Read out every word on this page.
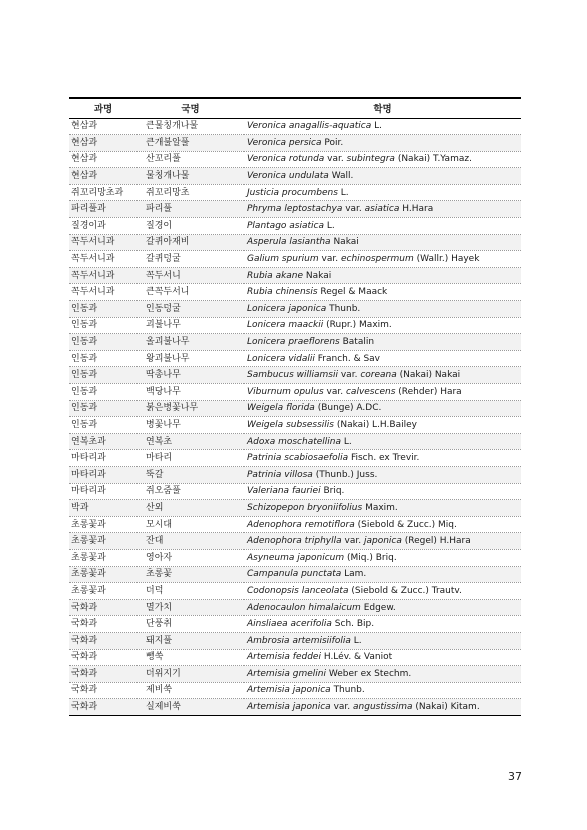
과명	국명	학명
현삼과	큰물칭개나물	Veronica anagallis-aquatica L.
현삼과	큰개불알풀	Veronica persica Poir.
현삼과	산꼬리풀	Veronica rotunda var. subintegra (Nakai) T.Yamaz.
현삼과	물칭개나물	Veronica undulata Wall.
쥐꼬리망초과	쥐꼬리망초	Justicia procumbens L.
파리풀과	파리풀	Phryma leptostachya var. asiatica H.Hara
질경이과	질경이	Plantago asiatica L.
꼭두서니과	갈퀴아재비	Asperula lasiantha Nakai
꼭두서니과	갈퀴덩굴	Galium spurium var. echinospermum (Wallr.) Hayek
꼭두서니과	꼭두서니	Rubia akane Nakai
꼭두서니과	큰꼭두서니	Rubia chinensis Regel & Maack
인동과	인동덩굴	Lonicera japonica Thunb.
인동과	괴불나무	Lonicera maackii (Rupr.) Maxim.
인동과	올괴불나무	Lonicera praeflorens Batalin
인동과	왕괴불나무	Lonicera vidalii Franch. & Sav
인동과	딱총나무	Sambucus williamsii var. coreana (Nakai) Nakai
인동과	백당나무	Viburnum opulus var. calvescens (Rehder) Hara
인동과	붉은병꽃나무	Weigela florida (Bunge) A.DC.
인동과	병꽃나무	Weigela subsessilis (Nakai) L.H.Bailey
연복초과	연복초	Adoxa moschatellina L.
마타리과	마타리	Patrinia scabiosaefolia Fisch. ex Trevir.
마타리과	뚝갈	Patrinia villosa (Thunb.) Juss.
마타리과	쥐오줌풀	Valeriana fauriei Briq.
박과	산외	Schizopepon bryoniifolius Maxim.
초롱꽃과	모시대	Adenophora remotiflora (Siebold & Zucc.) Miq.
초롱꽃과	잔대	Adenophora triphylla var. japonica (Regel) H.Hara
초롱꽃과	영아자	Asyneuma japonicum (Miq.) Briq.
초롱꽃과	초롱꽃	Campanula punctata Lam.
초롱꽃과	더덕	Codonopsis lanceolata (Siebold & Zucc.) Trautv.
국화과	멸가치	Adenocaulon himalaicum Edgew.
국화과	단풍취	Ainsliaea acerifolia Sch. Bip.
국화과	돼지풀	Ambrosia artemisiifolia L.
국화과	뺑쑥	Artemisia feddei H.Lév. & Vaniot
국화과	더위지기	Artemisia gmelini Weber ex Stechm.
국화과	제비쑥	Artemisia japonica Thunb.
국화과	실제비쑥	Artemisia japonica var. angustissima (Nakai) Kitam.
37
